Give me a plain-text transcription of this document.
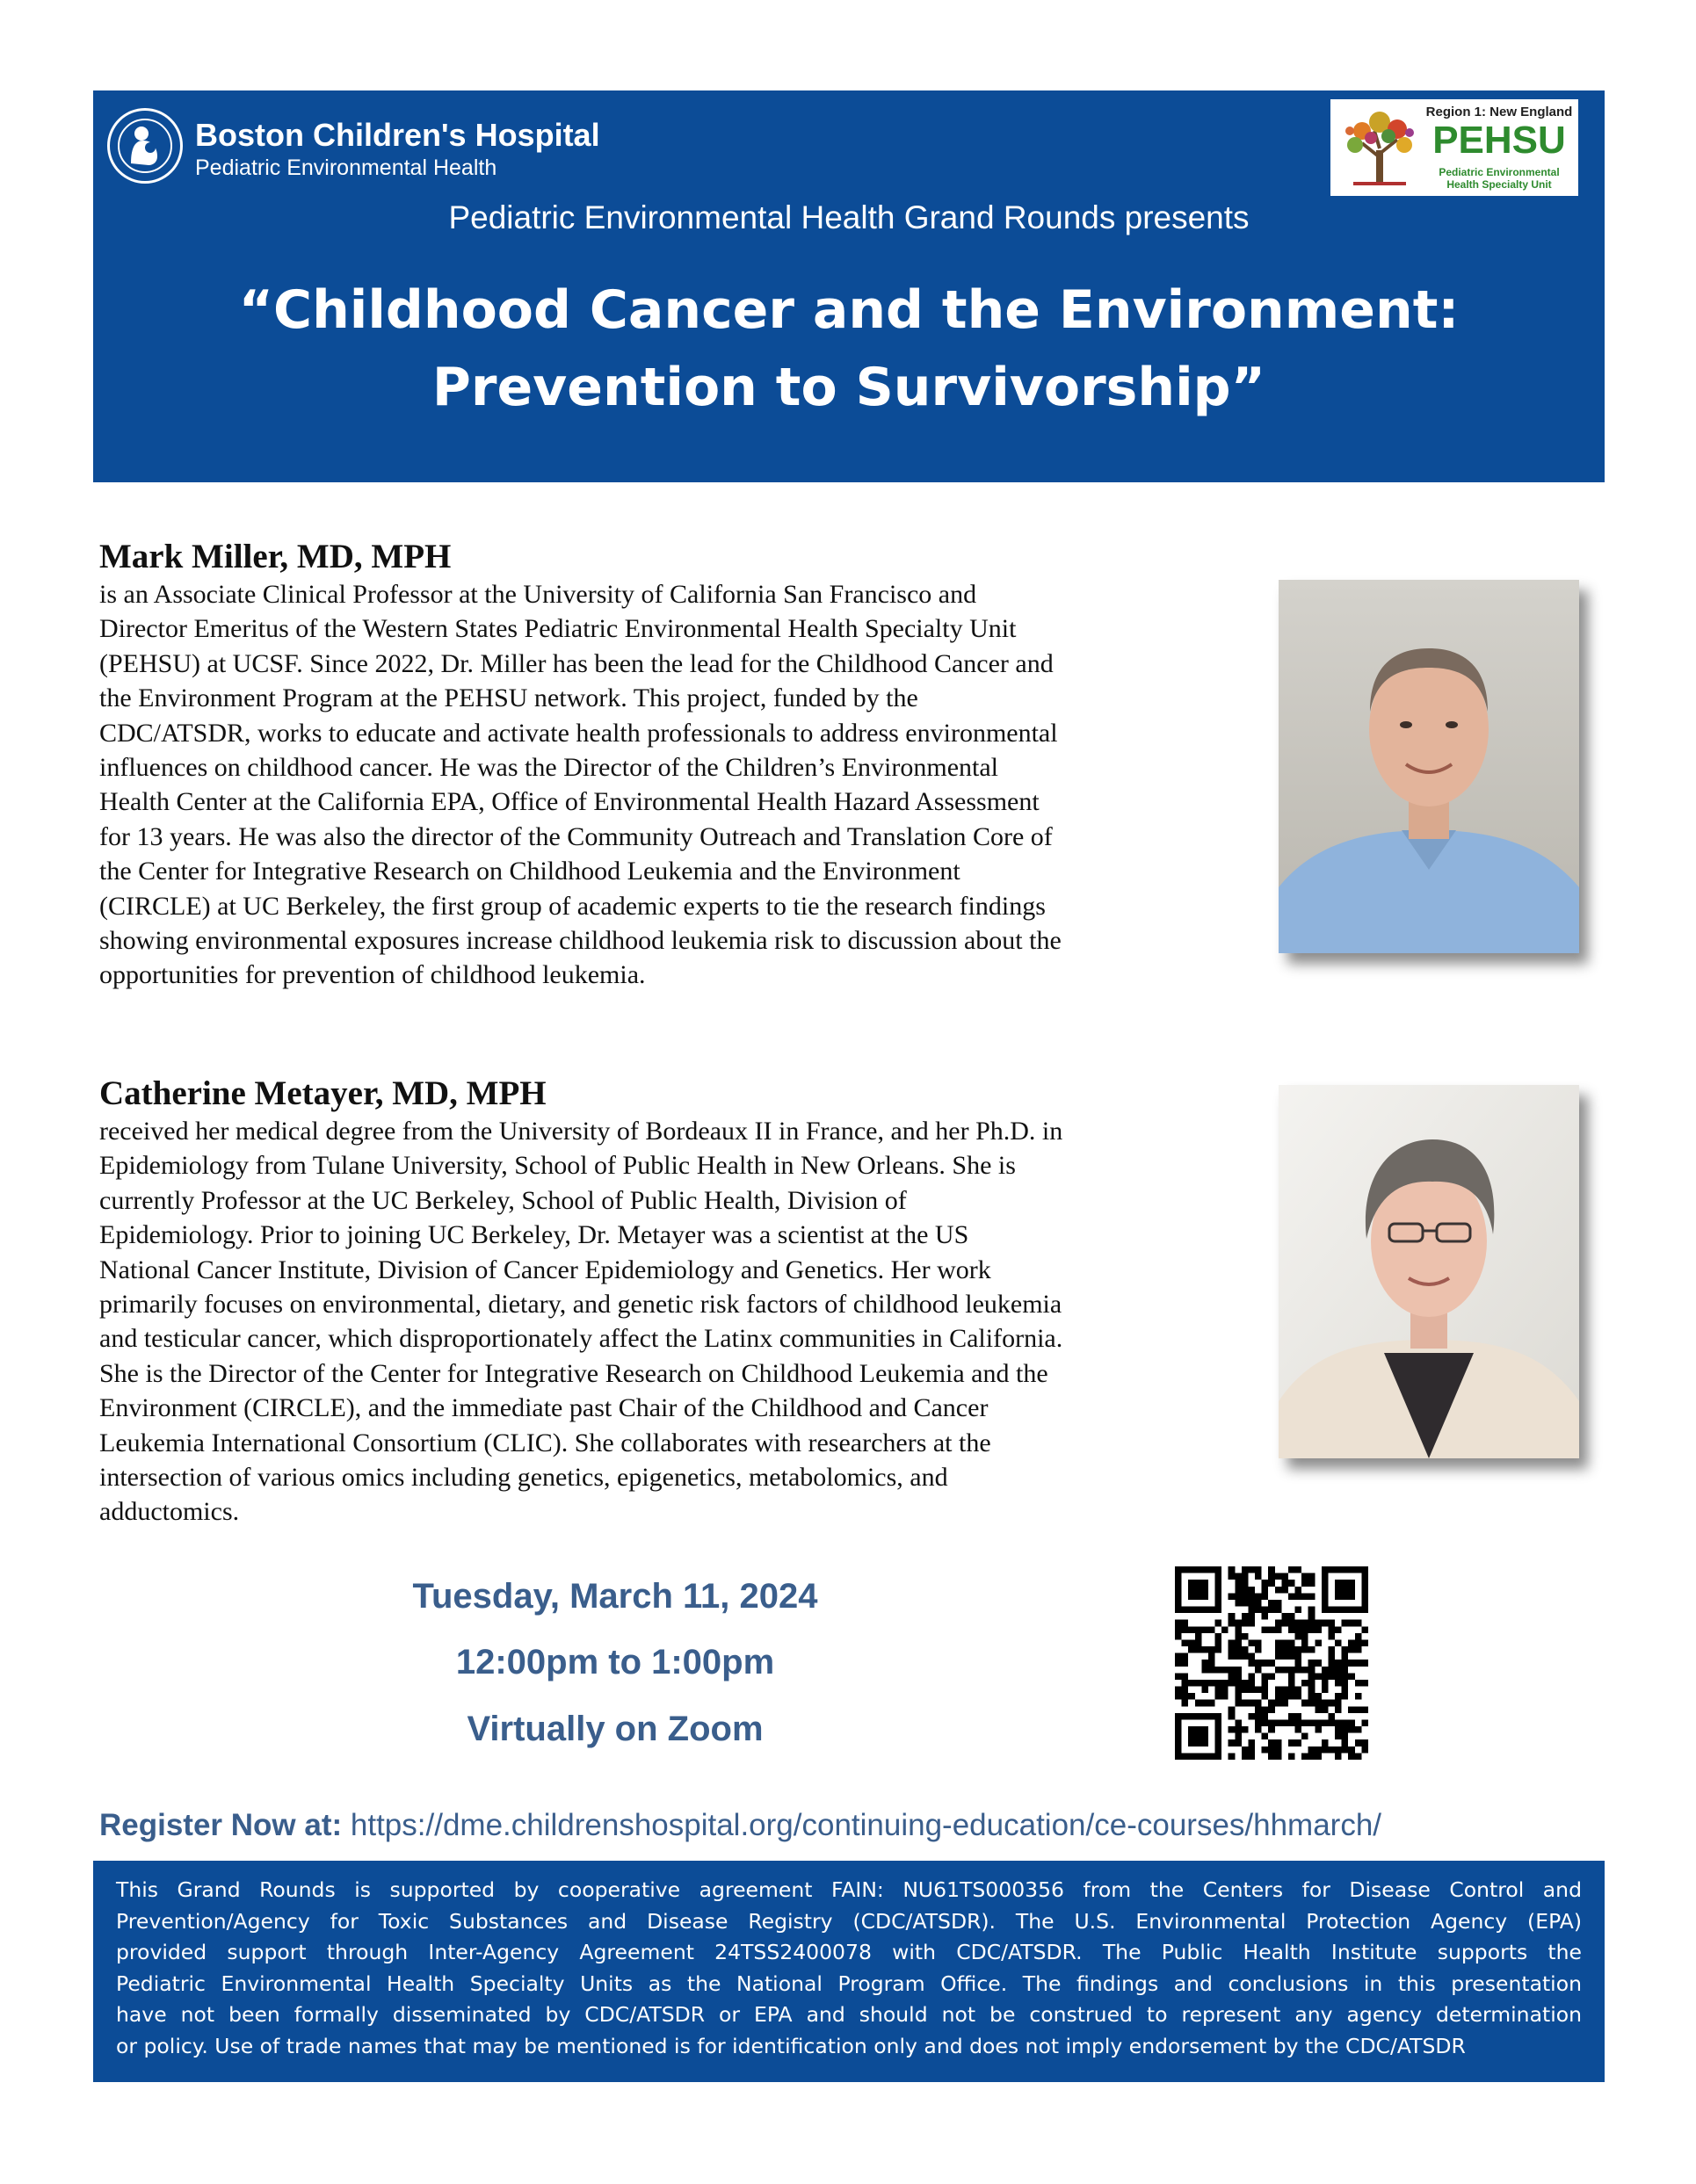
Boston Children's Hospital
Pediatric Environmental Health
Region 1: New England
PEHSU
Pediatric Environmental Health Specialty Unit
Pediatric Environmental Health Grand Rounds presents
“Childhood Cancer and the Environment:
Prevention to Survivorship”
Mark Miller, MD, MPH
is an Associate Clinical Professor at the University of California San Francisco and
Director Emeritus of the Western States Pediatric Environmental Health Specialty Unit
(PEHSU) at UCSF. Since 2022, Dr. Miller has been the lead for the Childhood Cancer and
the Environment Program at the PEHSU network. This project, funded by the
CDC/ATSDR, works to educate and activate health professionals to address environmental
influences on childhood cancer. He was the Director of the Children’s Environmental
Health Center at the California EPA, Office of Environmental Health Hazard Assessment
for 13 years. He was also the director of the Community Outreach and Translation Core of
the Center for Integrative Research on Childhood Leukemia and the Environment
(CIRCLE) at UC Berkeley, the first group of academic experts to tie the research findings
showing environmental exposures increase childhood leukemia risk to discussion about the
opportunities for prevention of childhood leukemia.
Catherine Metayer, MD, MPH
received her medical degree from the University of Bordeaux II in France, and her Ph.D. in
Epidemiology from Tulane University, School of Public Health in New Orleans. She is
currently Professor at the UC Berkeley, School of Public Health, Division of
Epidemiology. Prior to joining UC Berkeley, Dr. Metayer was a scientist at the US
National Cancer Institute, Division of Cancer Epidemiology and Genetics. Her work
primarily focuses on environmental, dietary, and genetic risk factors of childhood leukemia
and testicular cancer, which disproportionately affect the Latinx communities in California.
She is the Director of the Center for Integrative Research on Childhood Leukemia and the
Environment (CIRCLE), and the immediate past Chair of the Childhood and Cancer
Leukemia International Consortium (CLIC). She collaborates with researchers at the
intersection of various omics including genetics, epigenetics, metabolomics, and
adductomics.
Tuesday, March 11, 2024
12:00pm to 1:00pm
Virtually on Zoom
Register Now at: https://dme.childrenshospital.org/continuing-education/ce-courses/hhmarch/
This Grand Rounds is supported by cooperative agreement FAIN: NU61TS000356 from the Centers for Disease Control and
Prevention/Agency for Toxic Substances and Disease Registry (CDC/ATSDR). The U.S. Environmental Protection Agency (EPA)
provided support through Inter-Agency Agreement 24TSS2400078 with CDC/ATSDR. The Public Health Institute supports the
Pediatric Environmental Health Specialty Units as the National Program Office. The findings and conclusions in this presentation
have not been formally disseminated by CDC/ATSDR or EPA and should not be construed to represent any agency determination
or policy. Use of trade names that may be mentioned is for identification only and does not imply endorsement by the CDC/ATSDR
